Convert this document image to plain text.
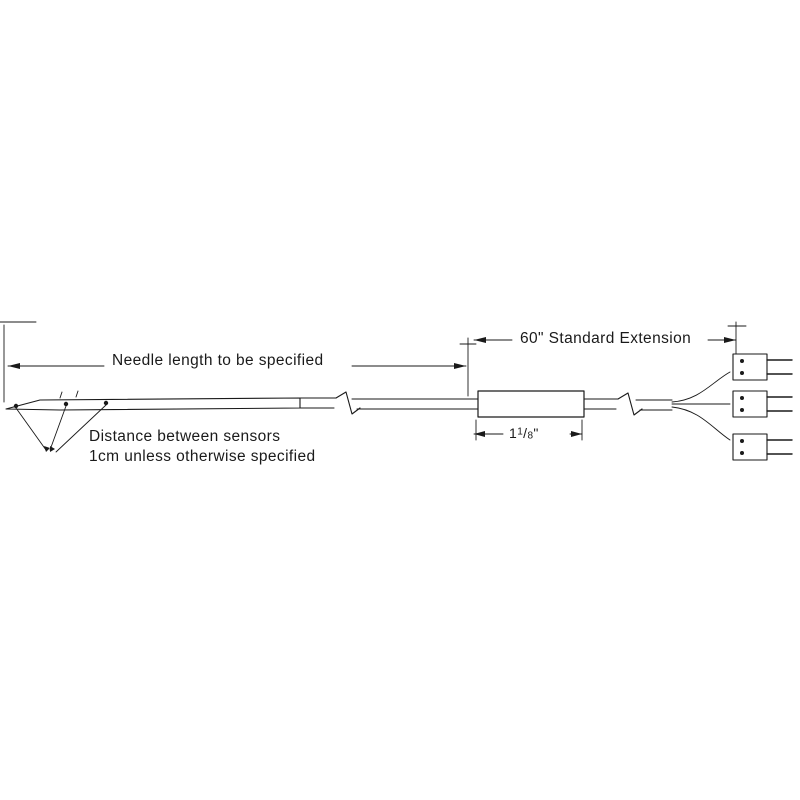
Needle length to be specified
60" Standard Extension
Distance between sensors
1cm unless otherwise specified
$1^1/8$"
